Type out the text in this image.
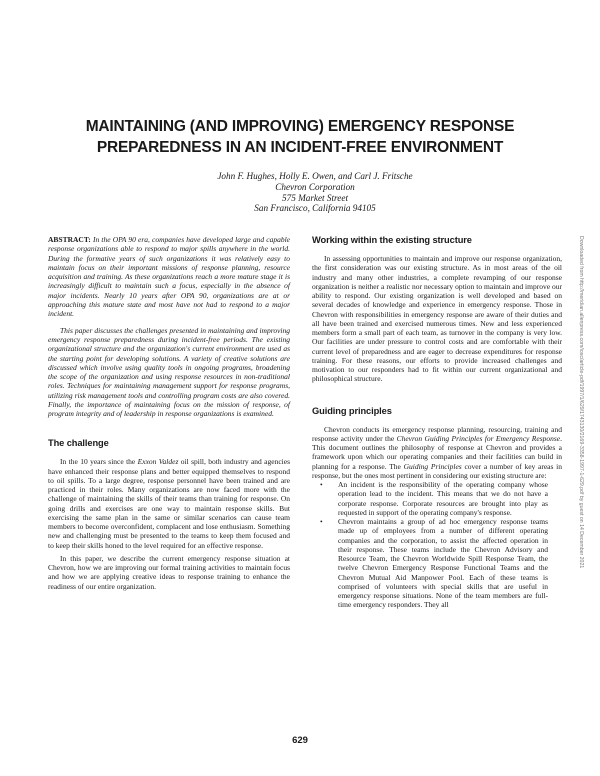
MAINTAINING (AND IMPROVING) EMERGENCY RESPONSE
PREPAREDNESS IN AN INCIDENT-FREE ENVIRONMENT
John F. Hughes, Holly E. Owen, and Carl J. Fritsche
Chevron Corporation
575 Market Street
San Francisco, California 94105

ABSTRACT: In the OPA 90 era, companies have developed large and capable response organizations able to respond to major spills anywhere in the world. During the formative years of such organizations it was relatively easy to maintain focus on their important missions of response planning, resource acquisition and training. As these organizations reach a more mature stage it is increasingly difficult to maintain such a focus, especially in the absence of major incidents. Nearly 10 years after OPA 90, organizations are at or approaching this mature state and most have not had to respond to a major incident.

This paper discusses the challenges presented in maintaining and improving emergency response preparedness during incident-free periods. The existing organizational structure and the organization's current environment are used as the starting point for developing solutions. A variety of creative solutions are discussed which involve using quality tools in ongoing programs, broadening the scope of the organization and using response resources in non-traditional roles. Techniques for maintaining management support for response programs, utilizing risk management tools and controlling program costs are also covered. Finally, the importance of maintaining focus on the mission of response, of program integrity and of leadership in response organizations is examined.

The challenge

In the 10 years since the Exxon Valdez oil spill, both industry and agencies have enhanced their response plans and better equipped themselves to respond to oil spills. To a large degree, response personnel have been trained and are practiced in their roles. Many organizations are now faced more with the challenge of maintaining the skills of their teams than training for response. On going drills and exercises are one way to maintain response skills. But exercising the same plan in the same or similar scenarios can cause team members to become overconfident, complacent and lose enthusiasm. Something new and challenging must be presented to the teams to keep them focused and to keep their skills honed to the level required for an effective response.

In this paper, we describe the current emergency response situation at Chevron, how we are improving our formal training activities to maintain focus and how we are applying creative ideas to response training to enhance the readiness of our entire organization.

Working within the existing structure

In assessing opportunities to maintain and improve our response organization, the first consideration was our existing structure. As in most areas of the oil industry and many other industries, a complete revamping of our response organization is neither a realistic nor necessary option to maintain and improve our ability to respond. Our existing organization is well developed and based on several decades of knowledge and experience in emergency response. Those in Chevron with responsibilities in emergency response are aware of their duties and all have been trained and exercised numerous times. New and less experienced members form a small part of each team, as turnover in the company is very low. Our facilities are under pressure to control costs and are comfortable with their current level of preparedness and are eager to decrease expenditures for response training. For these reasons, our efforts to provide increased challenges and motivation to our responders had to fit within our current organizational and philosophical structure.

Guiding principles

Chevron conducts its emergency response planning, resourcing, training and response activity under the Chevron Guiding Principles for Emergency Response. This document outlines the philosophy of response at Chevron and provides a framework upon which our operating companies and their facilities can build in planning for a response. The Guiding Principles cover a number of key areas in response, but the ones most pertinent in considering our existing structure are:

• An incident is the responsibility of the operating company whose operation lead to the incident. This means that we do not have a corporate response. Corporate resources are brought into play as requested in support of the operating company's response.

• Chevron maintains a group of ad hoc emergency response teams made up of employees from a number of different operating companies and the corporation, to assist the affected operation in their response. These teams include the Chevron Advisory and Resource Team, the Chevron Worldwide Spill Response Team, the twelve Chevron Emergency Response Functional Teams and the Chevron Mutual Aid Manpower Pool. Each of these teams is comprised of volunteers with special skills that are useful in emergency response situations. None of the team members are full-time emergency responders. They all

629
Downloaded from http://meridian.allenpress.com/iosc/article-pdf/1997/1/629/1743130/2169-3358-1997-1-629.pdf by guest on 14 December 2021
